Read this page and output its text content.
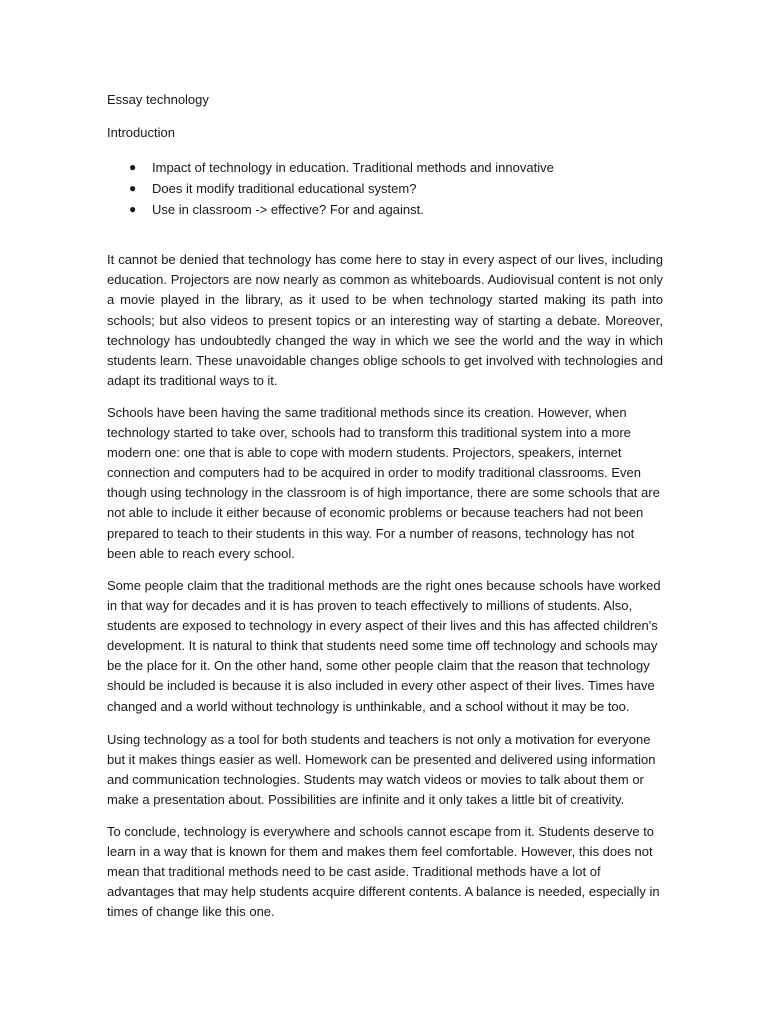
Essay technology
Introduction
● Impact of technology in education. Traditional methods and innovative
● Does it modify traditional educational system?
● Use in classroom -> effective? For and against.

It cannot be denied that technology has come here to stay in every aspect of our lives, including education. Projectors are now nearly as common as whiteboards. Audiovisual content is not only a movie played in the library, as it used to be when technology started making its path into schools; but also videos to present topics or an interesting way of starting a debate. Moreover, technology has undoubtedly changed the way in which we see the world and the way in which students learn. These unavoidable changes oblige schools to get involved with technologies and adapt its traditional ways to it.

Schools have been having the same traditional methods since its creation. However, when technology started to take over, schools had to transform this traditional system into a more modern one: one that is able to cope with modern students. Projectors, speakers, internet connection and computers had to be acquired in order to modify traditional classrooms. Even though using technology in the classroom is of high importance, there are some schools that are not able to include it either because of economic problems or because teachers had not been prepared to teach to their students in this way. For a number of reasons, technology has not been able to reach every school.

Some people claim that the traditional methods are the right ones because schools have worked in that way for decades and it is has proven to teach effectively to millions of students. Also, students are exposed to technology in every aspect of their lives and this has affected children's development. It is natural to think that students need some time off technology and schools may be the place for it. On the other hand, some other people claim that the reason that technology should be included is because it is also included in every other aspect of their lives. Times have changed and a world without technology is unthinkable, and a school without it may be too.

Using technology as a tool for both students and teachers is not only a motivation for everyone but it makes things easier as well. Homework can be presented and delivered using information and communication technologies. Students may watch videos or movies to talk about them or make a presentation about. Possibilities are infinite and it only takes a little bit of creativity.

To conclude, technology is everywhere and schools cannot escape from it. Students deserve to learn in a way that is known for them and makes them feel comfortable. However, this does not mean that traditional methods need to be cast aside. Traditional methods have a lot of advantages that may help students acquire different contents. A balance is needed, especially in times of change like this one.
